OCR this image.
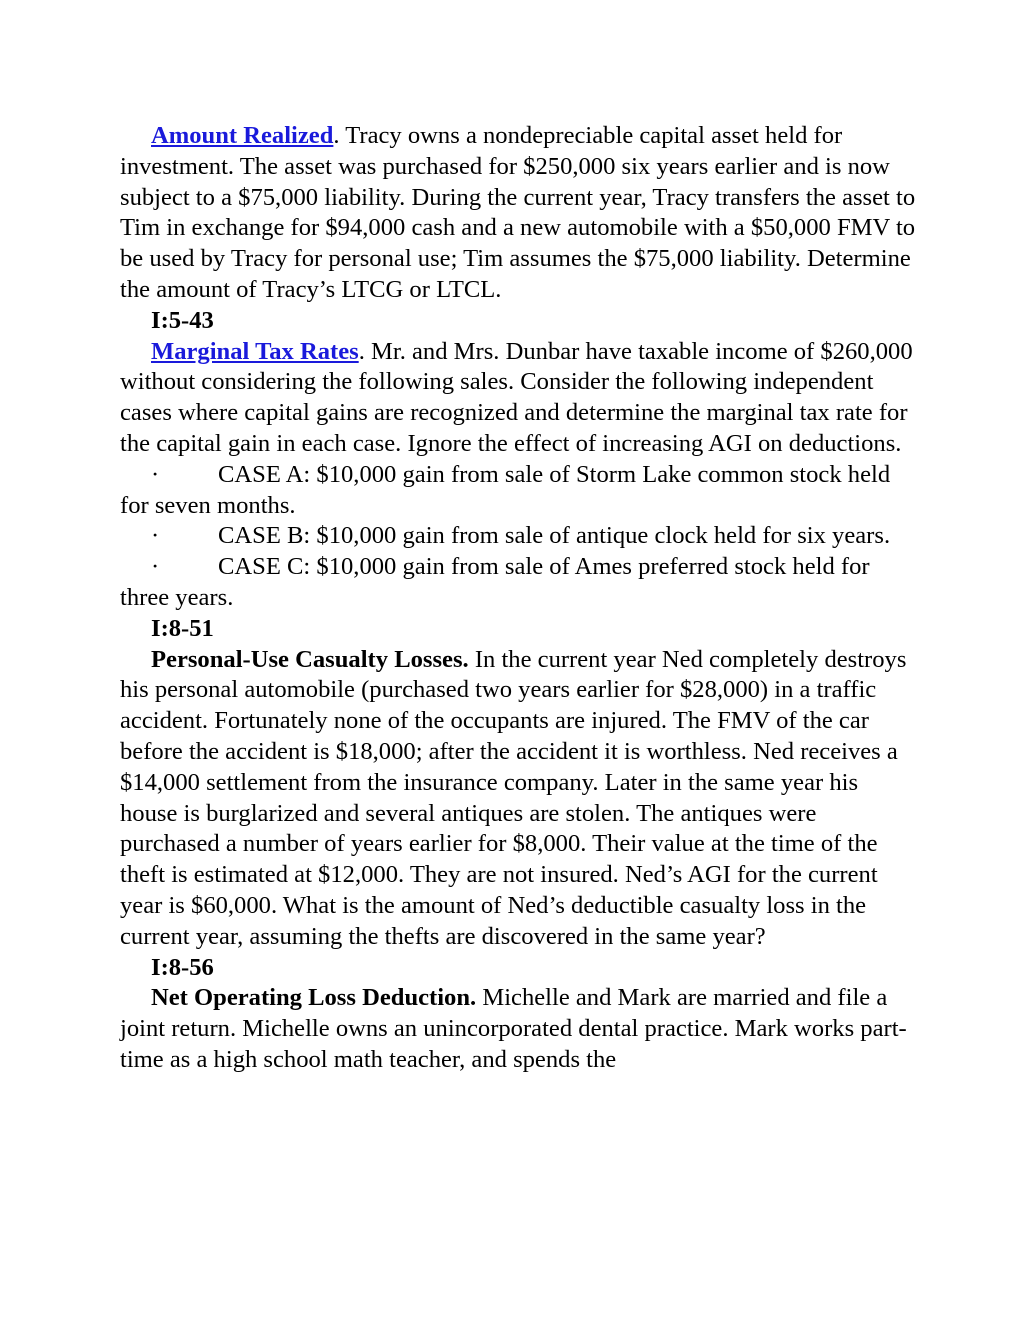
Amount Realized. Tracy owns a nondepreciable capital asset held for investment. The asset was purchased for $250,000 six years earlier and is now subject to a $75,000 liability. During the current year, Tracy transfers the asset to Tim in exchange for $94,000 cash and a new automobile with a $50,000 FMV to be used by Tracy for personal use; Tim assumes the $75,000 liability. Determine the amount of Tracy’s LTCG or LTCL.

I:5-43

Marginal Tax Rates. Mr. and Mrs. Dunbar have taxable income of $260,000 without considering the following sales. Consider the following independent cases where capital gains are recognized and determine the marginal tax rate for the capital gain in each case. Ignore the effect of increasing AGI on deductions.

· CASE A: $10,000 gain from sale of Storm Lake common stock held for seven months.

· CASE B: $10,000 gain from sale of antique clock held for six years.

· CASE C: $10,000 gain from sale of Ames preferred stock held for three years.

I:8-51

Personal-Use Casualty Losses. In the current year Ned completely destroys his personal automobile (purchased two years earlier for $28,000) in a traffic accident. Fortunately none of the occupants are injured. The FMV of the car before the accident is $18,000; after the accident it is worthless. Ned receives a $14,000 settlement from the insurance company. Later in the same year his house is burglarized and several antiques are stolen. The antiques were purchased a number of years earlier for $8,000. Their value at the time of the theft is estimated at $12,000. They are not insured. Ned’s AGI for the current year is $60,000. What is the amount of Ned’s deductible casualty loss in the current year, assuming the thefts are discovered in the same year?

I:8-56

Net Operating Loss Deduction. Michelle and Mark are married and file a joint return. Michelle owns an unincorporated dental practice. Mark works part-time as a high school math teacher, and spends the
